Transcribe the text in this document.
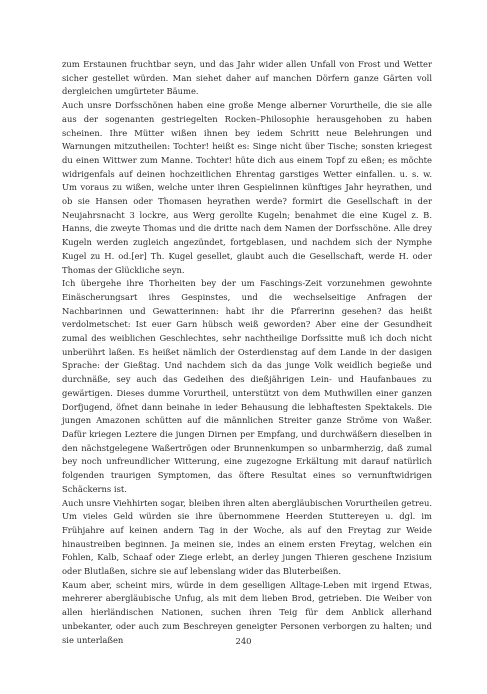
zum Erstaunen fruchtbar seyn, und das Jahr wider allen Unfall von Frost und Wetter sicher gestellet würden. Man siehet daher auf manchen Dörfern ganze Gärten voll dergleichen umgürteter Bäume.

Auch unsre Dorfsschönen haben eine große Menge alberner Vorurtheile, die sie alle aus der sogenanten gestriegelten Rocken–Philosophie herausgehoben zu haben scheinen. Ihre Mütter wißen ihnen bey iedem Schritt neue Belehrungen und Warnungen mitzutheilen: Tochter! heißt es: Singe nicht über Tische; sonsten kriegest du einen Wittwer zum Manne. Tochter! hüte dich aus einem Topf zu eßen; es möchte widrigenfals auf deinen hochzeitlichen Ehrentag garstiges Wetter einfallen. u. s. w. Um voraus zu wißen, welche unter ihren Gespielinnen künftiges Jahr heyrathen, und ob sie Hansen oder Thomasen heyrathen werde? formirt die Gesellschaft in der Neujahrsnacht 3 lockre, aus Werg gerollte Kugeln; benahmet die eine Kugel z. B. Hanns, die zweyte Thomas und die dritte nach dem Namen der Dorfsschöne. Alle drey Kugeln werden zugleich angezündet, fortgeblasen, und nachdem sich der Nymphe Kugel zu H. od.[er] Th. Kugel gesellet, glaubt auch die Gesellschaft, werde H. oder Thomas der Glückliche seyn.

Ich übergehe ihre Thorheiten bey der um Faschings-Zeit vorzunehmen gewohnte Einäscherungsart ihres Gespinstes, und die wechselseitige Anfragen der Nachbarinnen und Gewatterinnen: habt ihr die Pfarrerinn gesehen? das heißt verdolmetschet: Ist euer Garn hübsch weiß geworden? Aber eine der Gesundheit zumal des weiblichen Geschlechtes, sehr nachtheilige Dorfssitte muß ich doch nicht unberührt laßen. Es heißet nämlich der Osterdienstag auf dem Lande in der dasigen Sprache: der Gießtag. Und nachdem sich da das junge Volk weidlich begieße und durchnäße, sey auch das Gedeihen des dießjährigen Lein- und Haufanbaues zu gewärtigen. Dieses dumme Vorurtheil, unterstützt von dem Muthwillen einer ganzen Dorfjugend, öfnet dann beinahe in ieder Behausung die lebhaftesten Spektakels. Die jungen Amazonen schütten auf die männlichen Streiter ganze Ströme von Waßer. Dafür kriegen Leztere die jungen Dirnen per Empfang, und durchwäßern dieselben in den nächstgelegene Waßertrögen oder Brunnenkumpen so unbarmherzig, daß zumal bey noch unfreundlicher Witterung, eine zugezogne Erkältung mit darauf natürlich folgenden traurigen Symptomen, das öftere Resultat eines so vernunftwidrigen Schäckerns ist.

Auch unsre Viehhirten sogar, bleiben ihren alten abergläubischen Vorurtheilen getreu. Um vieles Geld würden sie ihre übernommene Heerden Stuttereyen u. dgl. im Frühjahre auf keinen andern Tag in der Woche, als auf den Freytag zur Weide hinaustreiben beginnen. Ja meinen sie, indes an einem ersten Freytag, welchen ein Fohlen, Kalb, Schaaf oder Ziege erlebt, an derley jungen Thieren geschene Inzisium oder Blutlaßen, sichre sie auf lebenslang wider das Bluterbeißen.

Kaum aber, scheint mirs, würde in dem geselligen Alltage-Leben mit irgend Etwas, mehrerer abergläubische Unfug, als mit dem lieben Brod, getrieben. Die Weiber von allen hierländischen Nationen, suchen ihren Teig für dem Anblick allerhand unbekanter, oder auch zum Beschreyen geneigter Personen verborgen zu halten; und sie unterlaßen	240
